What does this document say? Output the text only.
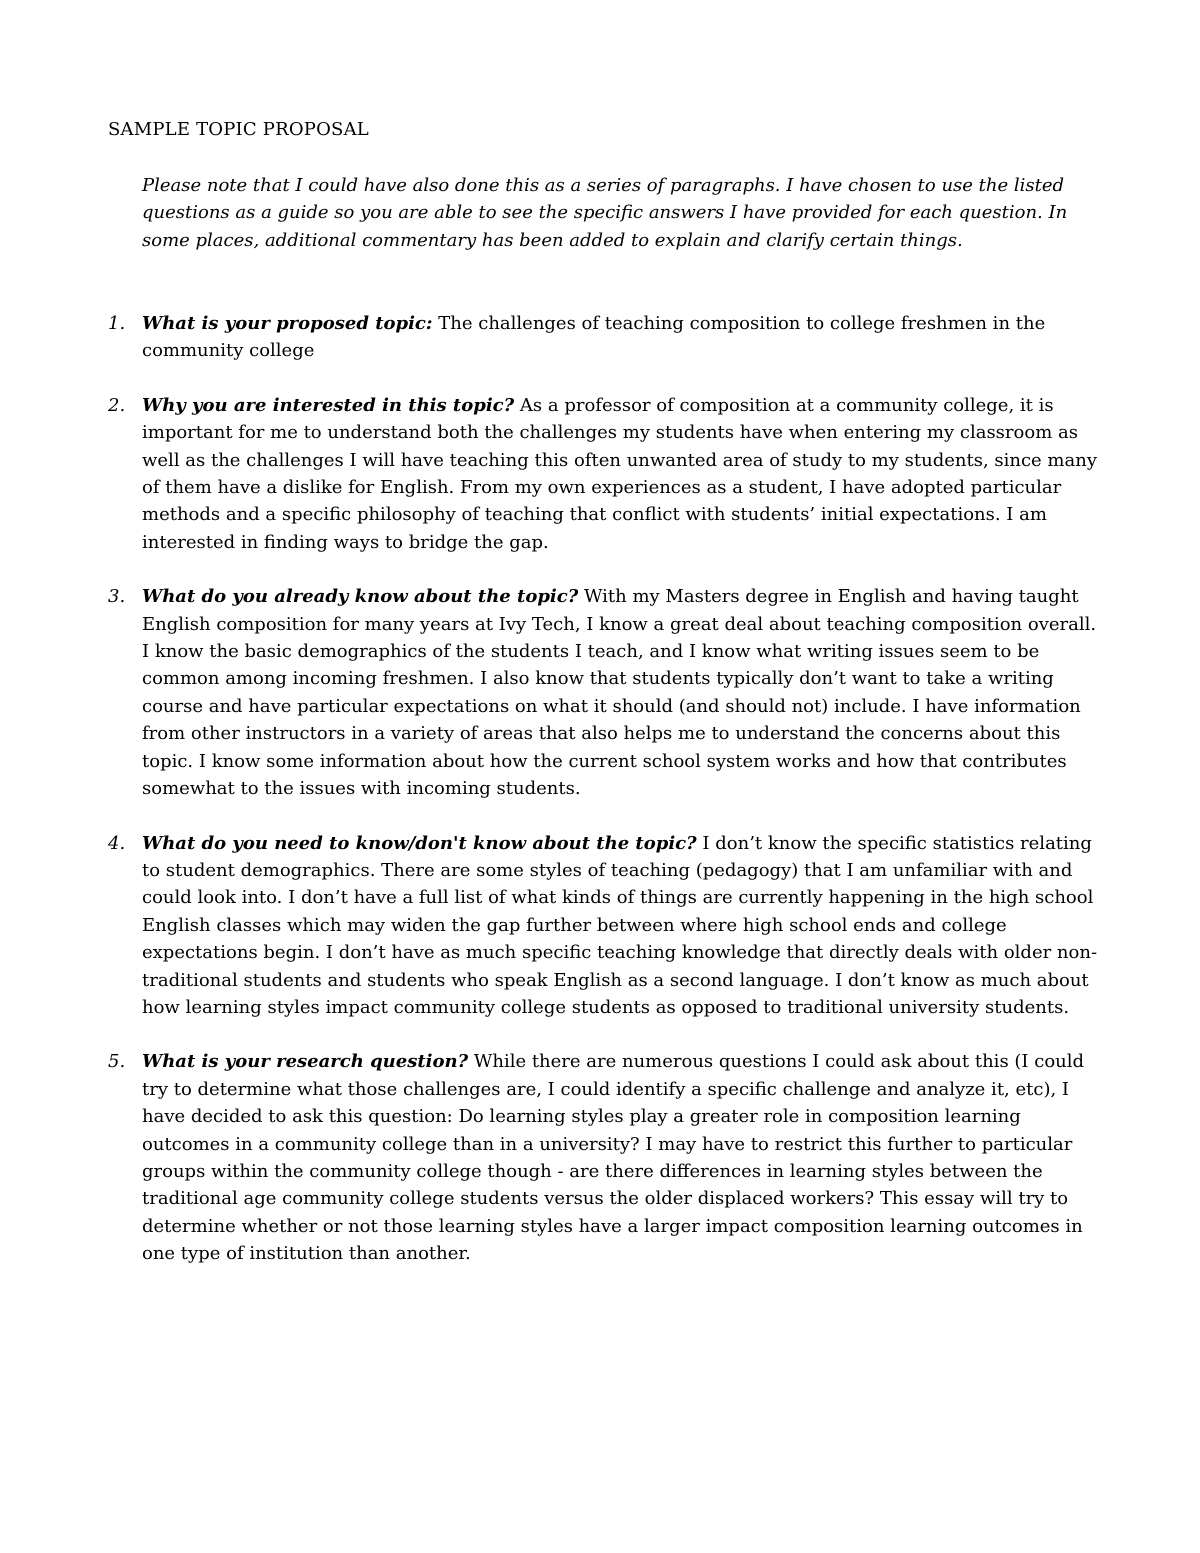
SAMPLE TOPIC PROPOSAL

Please note that I could have also done this as a series of paragraphs. I have chosen to use the listed questions as a guide so you are able to see the specific answers I have provided for each question. In some places, additional commentary has been added to explain and clarify certain things.

1. What is your proposed topic: The challenges of teaching composition to college freshmen in the community college
2. Why you are interested in this topic? As a professor of composition at a community college, it is important for me to understand both the challenges my students have when entering my classroom as well as the challenges I will have teaching this often unwanted area of study to my students, since many of them have a dislike for English. From my own experiences as a student, I have adopted particular methods and a specific philosophy of teaching that conflict with students’ initial expectations. I am interested in finding ways to bridge the gap.
3. What do you already know about the topic? With my Masters degree in English and having taught English composition for many years at Ivy Tech, I know a great deal about teaching composition overall. I know the basic demographics of the students I teach, and I know what writing issues seem to be common among incoming freshmen. I also know that students typically don’t want to take a writing course and have particular expectations on what it should (and should not) include. I have information from other instructors in a variety of areas that also helps me to understand the concerns about this topic. I know some information about how the current school system works and how that contributes somewhat to the issues with incoming students.
4. What do you need to know/don't know about the topic? I don’t know the specific statistics relating to student demographics. There are some styles of teaching (pedagogy) that I am unfamiliar with and could look into. I don’t have a full list of what kinds of things are currently happening in the high school English classes which may widen the gap further between where high school ends and college expectations begin. I don’t have as much specific teaching knowledge that directly deals with older non-traditional students and students who speak English as a second language. I don’t know as much about how learning styles impact community college students as opposed to traditional university students.
5. What is your research question? While there are numerous questions I could ask about this (I could try to determine what those challenges are, I could identify a specific challenge and analyze it, etc), I have decided to ask this question: Do learning styles play a greater role in composition learning outcomes in a community college than in a university? I may have to restrict this further to particular groups within the community college though - are there differences in learning styles between the traditional age community college students versus the older displaced workers? This essay will try to determine whether or not those learning styles have a larger impact composition learning outcomes in one type of institution than another.
